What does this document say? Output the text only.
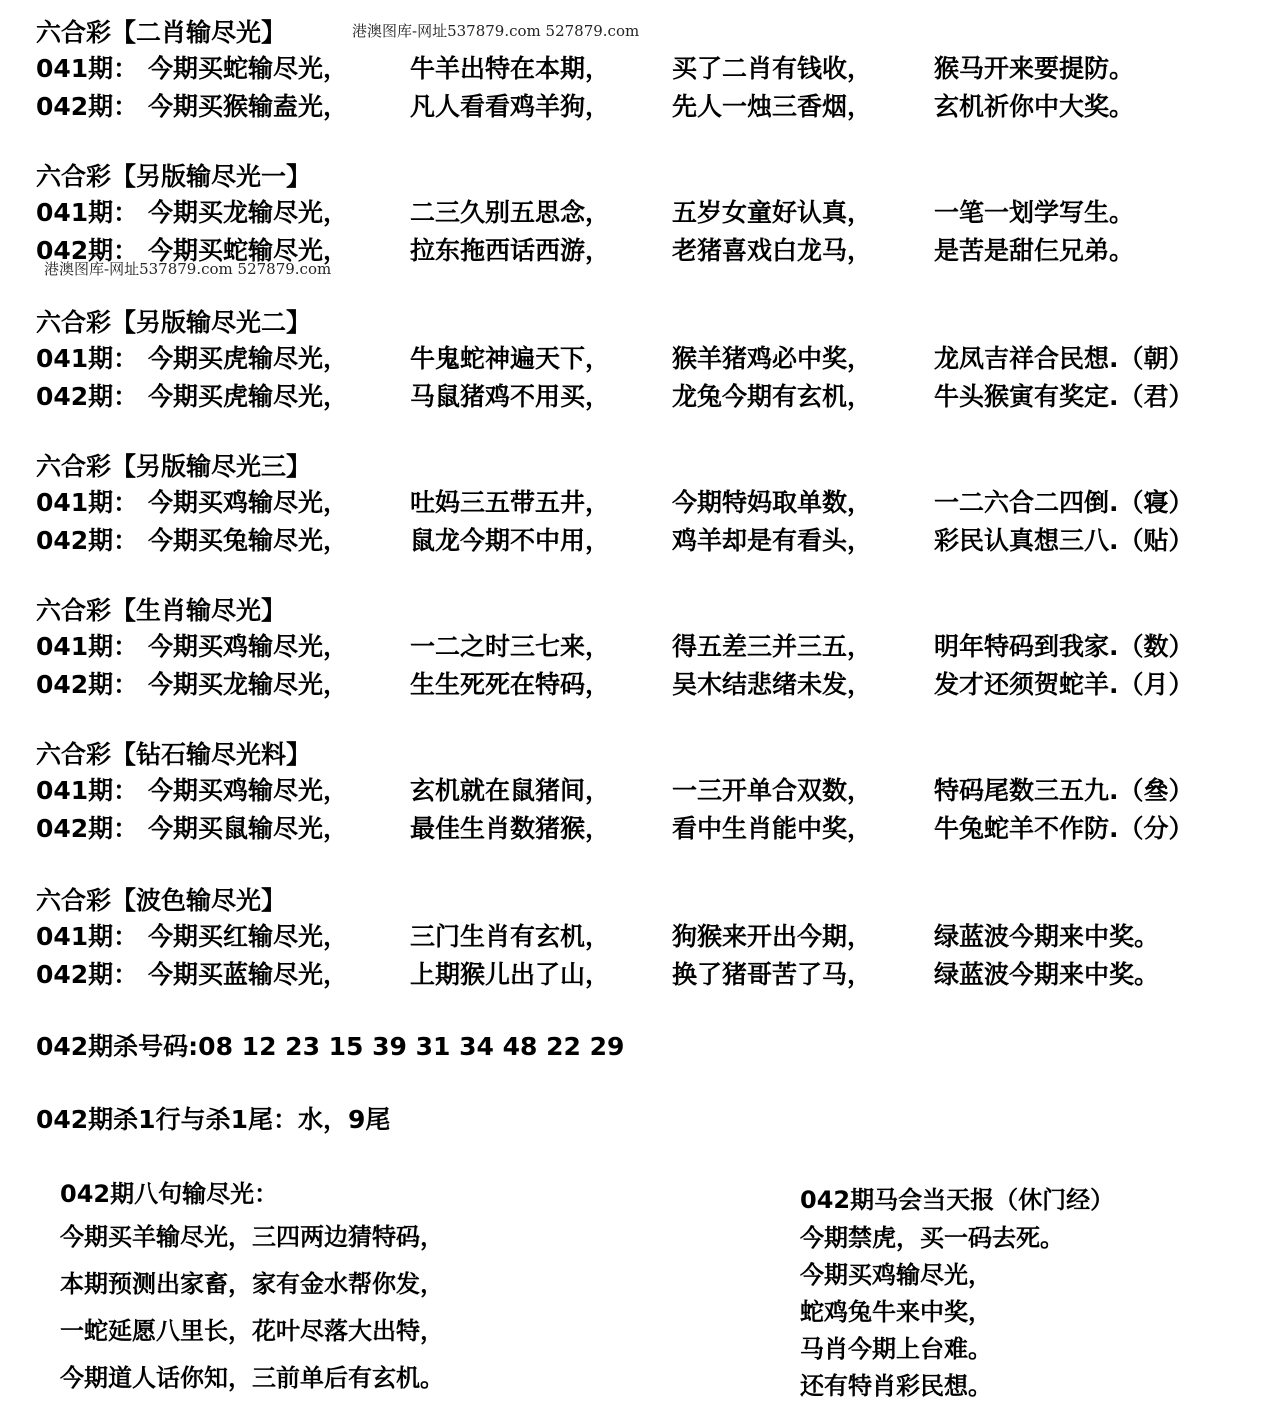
港澳图库-网址537879.com 527879.com
六合彩【二肖输尽光】
041期： 今期买蛇输尽光，	牛羊出特在本期，	买了二肖有钱收，	猴马开来要提防。
042期： 今期买猴输盍光，	凡人看看鸡羊狗，	先人一烛三香烟，	玄机祈你中大奖。
六合彩【另版输尽光一】
041期： 今期买龙输尽光，	二三久别五思念，	五岁女童好认真，	一笔一划学写生。
042期： 今期买蛇输尽光，	拉东拖西话西游，	老猪喜戏白龙马，	是苦是甜仨兄弟。
港澳图库-网址537879.com 527879.com
六合彩【另版输尽光二】
041期： 今期买虎输尽光，	牛鬼蛇神遍天下，	猴羊猪鸡必中奖，	龙凤吉祥合民想.（朝）
042期： 今期买虎输尽光，	马鼠猪鸡不用买，	龙兔今期有玄机，	牛头猴寅有奖定.（君）
六合彩【另版输尽光三】
041期： 今期买鸡输尽光，	吐妈三五带五井，	今期特妈取单数，	一二六合二四倒.（寝）
042期： 今期买兔输尽光，	鼠龙今期不中用，	鸡羊却是有看头，	彩民认真想三八.（贴）
六合彩【生肖输尽光】
041期： 今期买鸡输尽光，	一二之时三七来，	得五差三并三五，	明年特码到我家.（数）
042期： 今期买龙输尽光，	生生死死在特码，	吴木结悲绪未发，	发才还须贺蛇羊.（月）
六合彩【钻石输尽光料】
041期： 今期买鸡输尽光，	玄机就在鼠猪间，	一三开单合双数，	特码尾数三五九.（叄）
042期： 今期买鼠输尽光，	最佳生肖数猪猴，	看中生肖能中奖，	牛兔蛇羊不作防.（分）
六合彩【波色输尽光】
041期： 今期买红输尽光，	三门生肖有玄机，	狗猴来开出今期，	绿蓝波今期来中奖。
042期： 今期买蓝输尽光，	上期猴儿出了山，	换了猪哥苦了马，	绿蓝波今期来中奖。
042期杀号码:08 12 23 15 39 31 34 48 22 29
042期杀1行与杀1尾：水，9尾
042期八句输尽光：
今期买羊输尽光，三四两边猜特码，
本期预测出家畜，家有金水帮你发，
一蛇延愿八里长，花叶尽落大出特，
今期道人话你知，三前单后有玄机。
042期马会当天报（休门经）
今期禁虎，买一码去死。
今期买鸡输尽光，
蛇鸡兔牛来中奖，
马肖今期上台难。
还有特肖彩民想。
